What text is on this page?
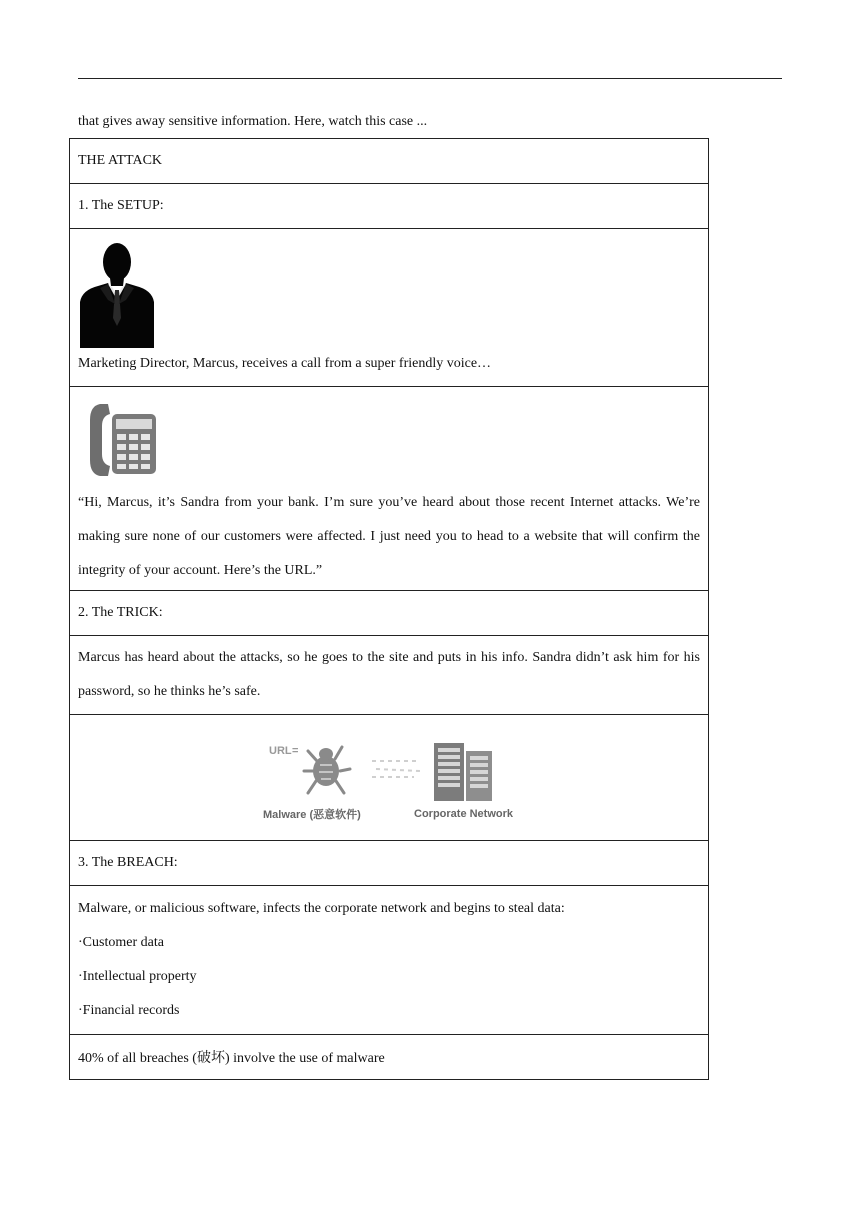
that gives away sensitive information. Here, watch this case ...
THE ATTACK
1. The SETUP:

Marketing Director, Marcus, receives a call from a super friendly voice…

“Hi, Marcus, it’s Sandra from your bank. I’m sure you’ve heard about those recent Internet attacks. We’re making sure none of our customers were affected. I just need you to head to a website that will confirm the integrity of your account. Here’s the URL.”

2. The TRICK:
Marcus has heard about the attacks, so he goes to the site and puts in his info. Sandra didn’t ask him for his password, so he thinks he’s safe.

URL =
Malware (恶意软件)	Corporate Network

3. The BREACH:

Malware, or malicious software, infects the corporate network and begins to steal data:
·Customer data
·Intellectual property
·Financial records

40% of all breaches (破坏) involve the use of malware
